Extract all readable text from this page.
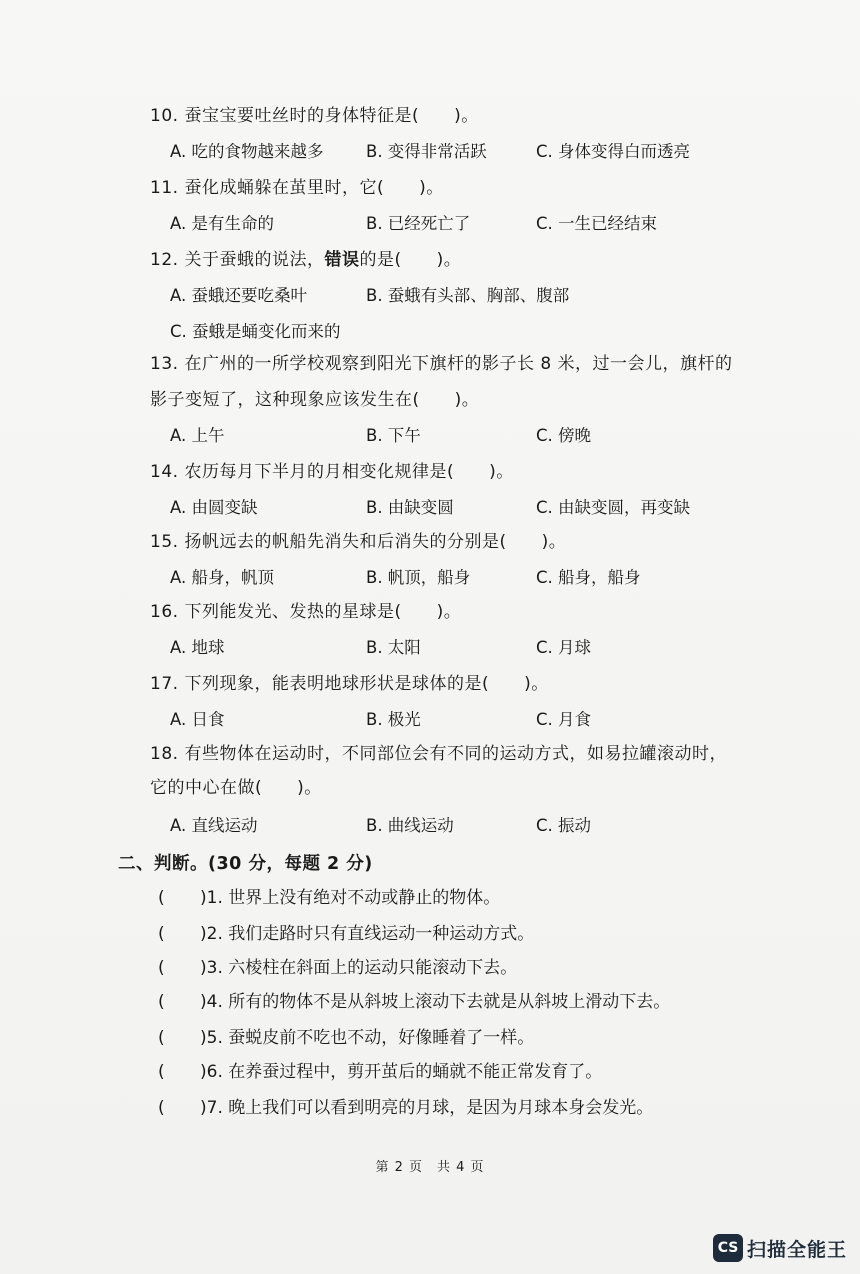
10. 蚕宝宝要吐丝时的身体特征是(　　)。
A. 吃的食物越来越多	B. 变得非常活跃	C. 身体变得白而透亮
11. 蚕化成蛹躲在茧里时，它(　　)。
A. 是有生命的	B. 已经死亡了	C. 一生已经结束
12. 关于蚕蛾的说法，错误的是(　　)。
A. 蚕蛾还要吃桑叶	B. 蚕蛾有头部、胸部、腹部
C. 蚕蛾是蛹变化而来的
13. 在广州的一所学校观察到阳光下旗杆的影子长 8 米，过一会儿，旗杆的
影子变短了，这种现象应该发生在(　　)。
A. 上午	B. 下午	C. 傍晚
14. 农历每月下半月的月相变化规律是(　　)。
A. 由圆变缺	B. 由缺变圆	C. 由缺变圆，再变缺
15. 扬帆远去的帆船先消失和后消失的分别是(　　)。
A. 船身，帆顶	B. 帆顶，船身	C. 船身，船身
16. 下列能发光、发热的星球是(　　)。
A. 地球	B. 太阳	C. 月球
17. 下列现象，能表明地球形状是球体的是(　　)。
A. 日食	B. 极光	C. 月食
18. 有些物体在运动时，不同部位会有不同的运动方式，如易拉罐滚动时，
它的中心在做(　　)。
A. 直线运动	B. 曲线运动	C. 振动
二、判断。(30 分，每题 2 分)
( )1. 世界上没有绝对不动或静止的物体。
( )2. 我们走路时只有直线运动一种运动方式。
( )3. 六棱柱在斜面上的运动只能滚动下去。
( )4. 所有的物体不是从斜坡上滚动下去就是从斜坡上滑动下去。
( )5. 蚕蜕皮前不吃也不动，好像睡着了一样。
( )6. 在养蚕过程中，剪开茧后的蛹就不能正常发育了。
( )7. 晚上我们可以看到明亮的月球，是因为月球本身会发光。
第 2 页　共 4 页
CS 扫描全能王
